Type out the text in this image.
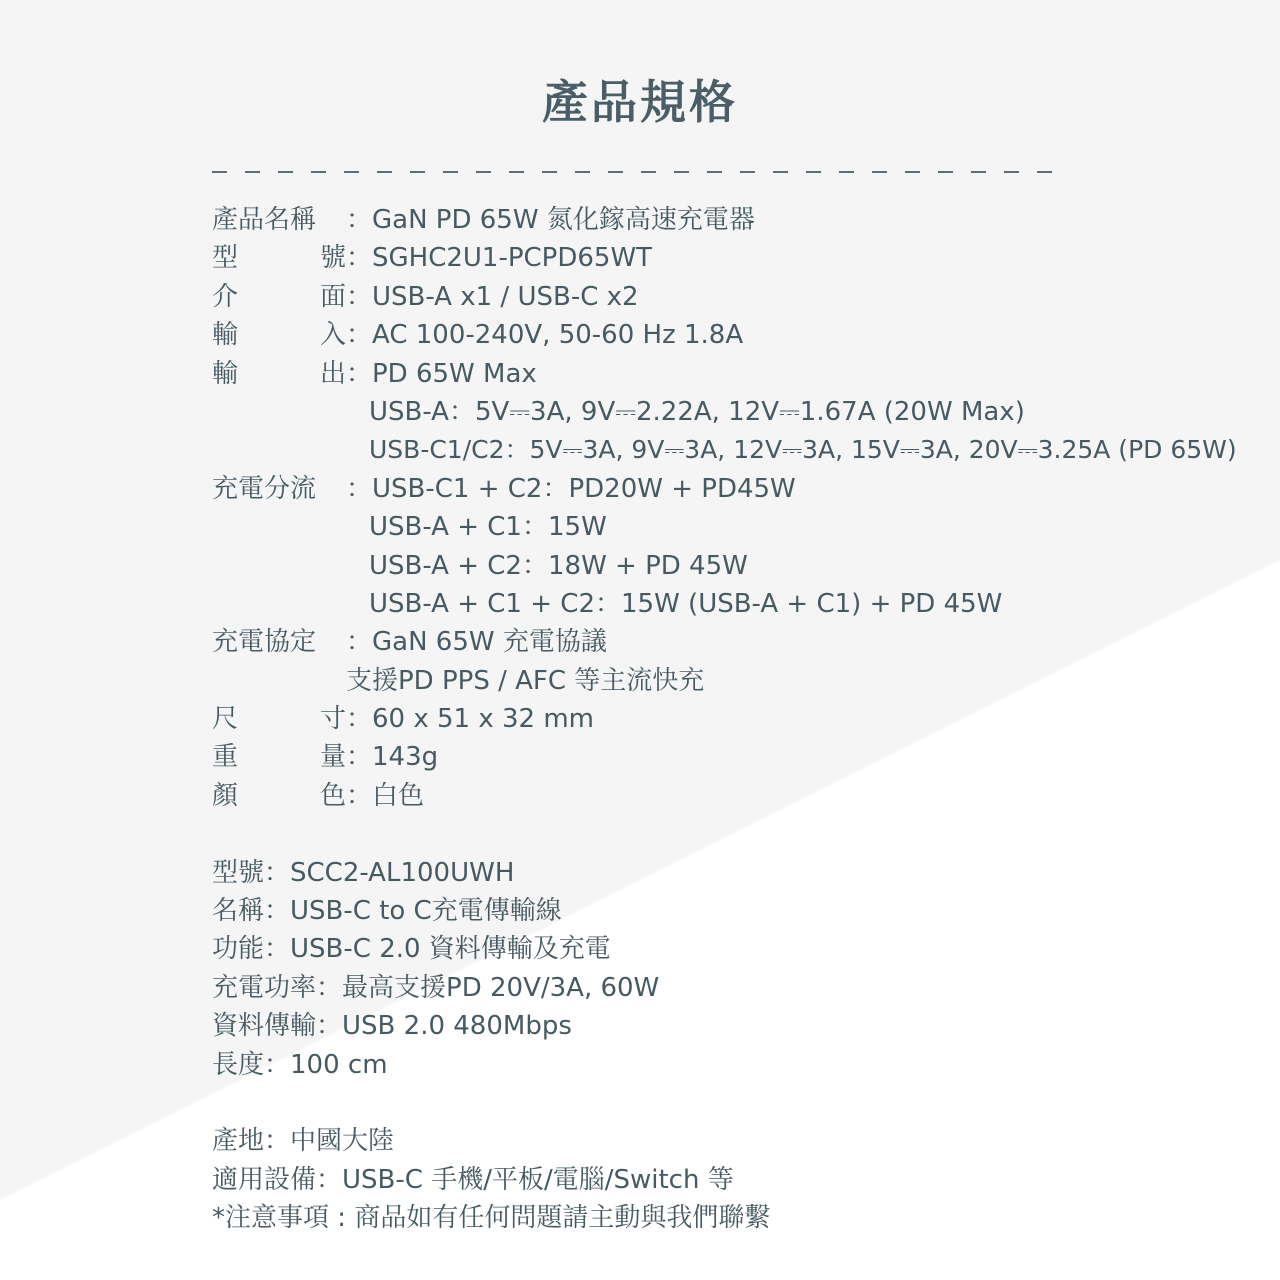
產品規格
產品名稱	： GaN PD 65W 氮化鎵高速充電器
型	號 ： SGHC2U1-PCPD65WT
介	面 ： USB-A x1 / USB-C x2
輸	入 ： AC 100-240V, 50-60 Hz 1.8A
輸	出 ： PD 65W Max
USB-A：5V⎓3A, 9V⎓2.22A, 12V⎓1.67A (20W Max)
USB-C1/C2：5V⎓3A, 9V⎓3A, 12V⎓3A, 15V⎓3A, 20V⎓3.25A (PD 65W)
充電分流	： USB-C1 + C2：PD20W + PD45W
USB-A + C1：15W
USB-A + C2：18W + PD 45W
USB-A + C1 + C2：15W (USB-A + C1) + PD 45W
充電協定	： GaN 65W 充電協議
支援PD PPS / AFC 等主流快充
尺	寸 ： 60 x 51 x 32 mm
重	量 ： 143g
顏	色 ： 白色
型號 ： SCC2-AL100UWH
名稱 ： USB-C to C充電傳輸線
功能 ： USB-C 2.0 資料傳輸及充電
充電功率 ： 最高支援PD 20V/3A, 60W
資料傳輸 ： USB 2.0 480Mbps
長度 ： 100 cm
產地 ： 中國大陸
適用設備 ： USB-C 手機/平板/電腦/Switch 等
*注意事項 : 商品如有任何問題請主動與我們聯繫
